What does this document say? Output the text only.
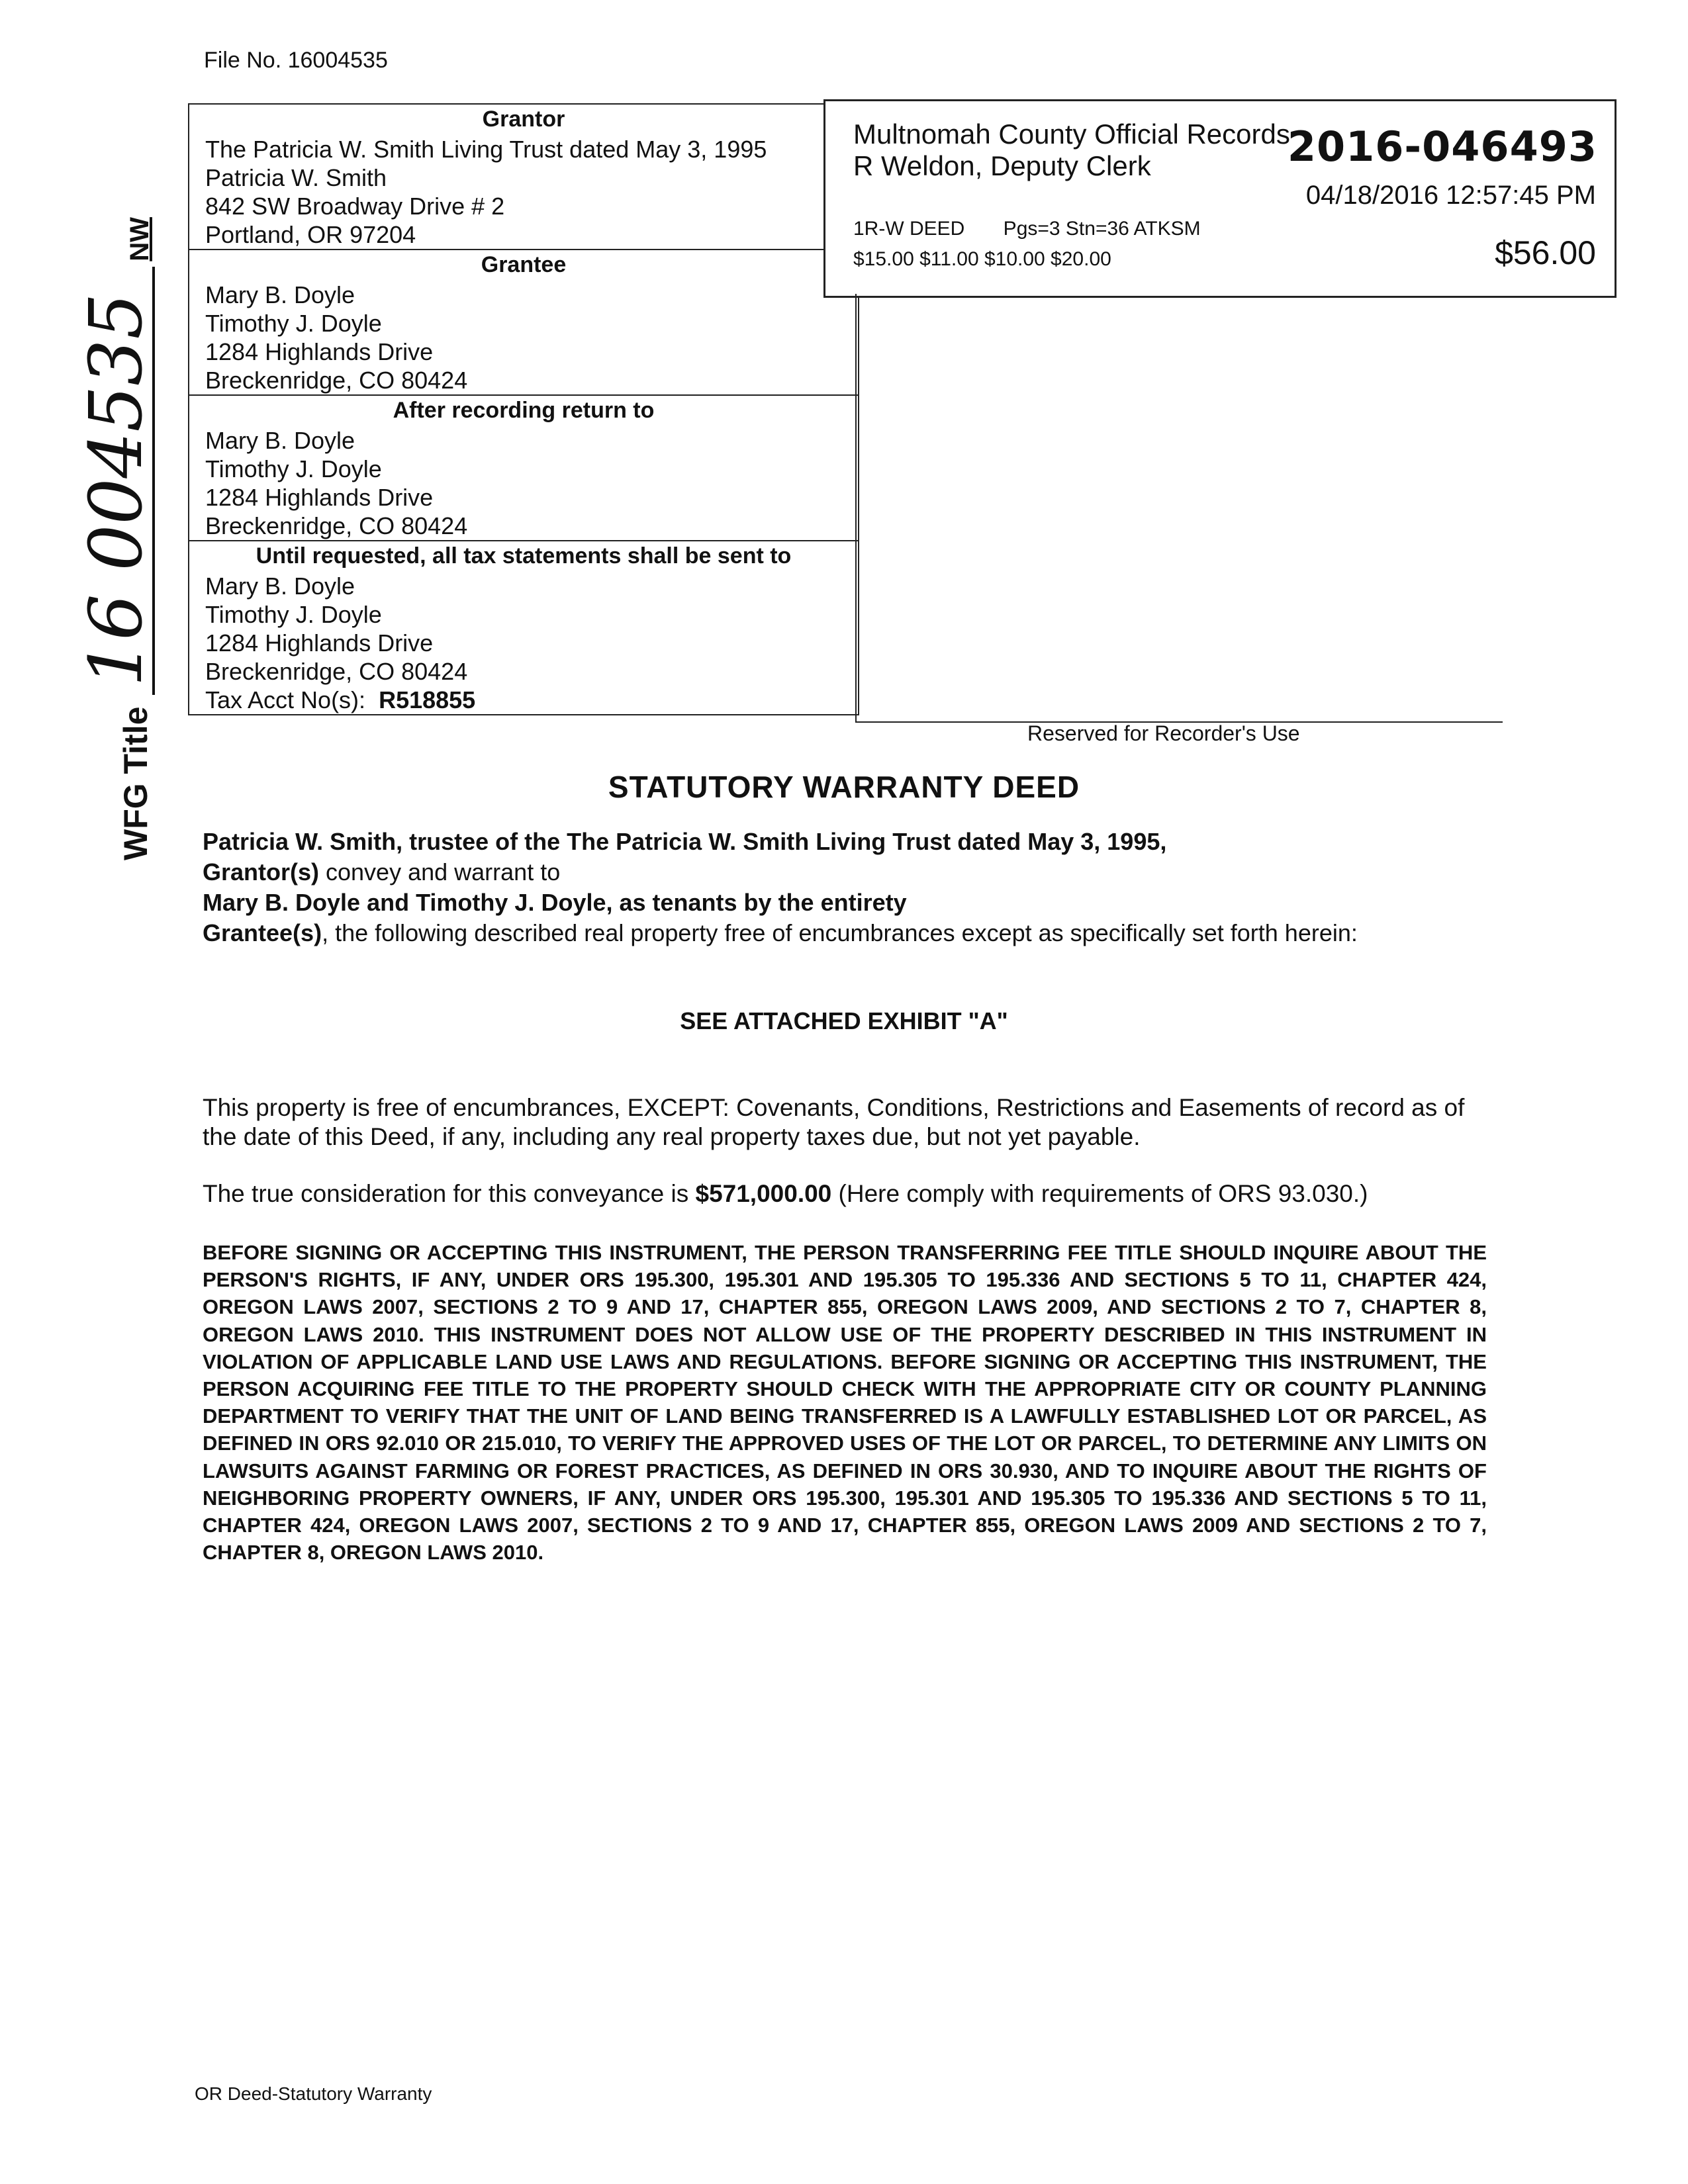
File No. 16004535
Grantor
The Patricia W. Smith Living Trust dated May 3, 1995
Patricia W. Smith
842 SW Broadway Drive # 2
Portland, OR 97204
Grantee
Mary B. Doyle
Timothy J. Doyle
1284 Highlands Drive
Breckenridge, CO 80424
After recording return to
Mary B. Doyle
Timothy J. Doyle
1284 Highlands Drive
Breckenridge, CO 80424
Until requested, all tax statements shall be sent to
Mary B. Doyle
Timothy J. Doyle
1284 Highlands Drive
Breckenridge, CO 80424
Tax Acct No(s): R518855
Multnomah County Official Records
R Weldon, Deputy Clerk	2016-046493
04/18/2016 12:57:45 PM
1R-W DEED       Pgs=3 Stn=36 ATKSM
$15.00 $11.00 $10.00 $20.00	$56.00
Reserved for Recorder's Use
WFG Title
16 004535
NW
STATUTORY WARRANTY DEED
Patricia W. Smith, trustee of the The Patricia W. Smith Living Trust dated May 3, 1995,
Grantor(s) convey and warrant to
Mary B. Doyle and Timothy J. Doyle, as tenants by the entirety
Grantee(s), the following described real property free of encumbrances except as specifically set forth herein:
SEE ATTACHED EXHIBIT "A"
This property is free of encumbrances, EXCEPT: Covenants, Conditions, Restrictions and Easements of record as of the date of this Deed, if any, including any real property taxes due, but not yet payable.
The true consideration for this conveyance is $571,000.00 (Here comply with requirements of ORS 93.030.)
BEFORE SIGNING OR ACCEPTING THIS INSTRUMENT, THE PERSON TRANSFERRING FEE TITLE SHOULD INQUIRE ABOUT THE PERSON'S RIGHTS, IF ANY, UNDER ORS 195.300, 195.301 AND 195.305 TO 195.336 AND SECTIONS 5 TO 11, CHAPTER 424, OREGON LAWS 2007, SECTIONS 2 TO 9 AND 17, CHAPTER 855, OREGON LAWS 2009, AND SECTIONS 2 TO 7, CHAPTER 8, OREGON LAWS 2010. THIS INSTRUMENT DOES NOT ALLOW USE OF THE PROPERTY DESCRIBED IN THIS INSTRUMENT IN VIOLATION OF APPLICABLE LAND USE LAWS AND REGULATIONS. BEFORE SIGNING OR ACCEPTING THIS INSTRUMENT, THE PERSON ACQUIRING FEE TITLE TO THE PROPERTY SHOULD CHECK WITH THE APPROPRIATE CITY OR COUNTY PLANNING DEPARTMENT TO VERIFY THAT THE UNIT OF LAND BEING TRANSFERRED IS A LAWFULLY ESTABLISHED LOT OR PARCEL, AS DEFINED IN ORS 92.010 OR 215.010, TO VERIFY THE APPROVED USES OF THE LOT OR PARCEL, TO DETERMINE ANY LIMITS ON LAWSUITS AGAINST FARMING OR FOREST PRACTICES, AS DEFINED IN ORS 30.930, AND TO INQUIRE ABOUT THE RIGHTS OF NEIGHBORING PROPERTY OWNERS, IF ANY, UNDER ORS 195.300, 195.301 AND 195.305 TO 195.336 AND SECTIONS 5 TO 11, CHAPTER 424, OREGON LAWS 2007, SECTIONS 2 TO 9 AND 17, CHAPTER 855, OREGON LAWS 2009 AND SECTIONS 2 TO 7, CHAPTER 8, OREGON LAWS 2010.
OR Deed-Statutory Warranty
